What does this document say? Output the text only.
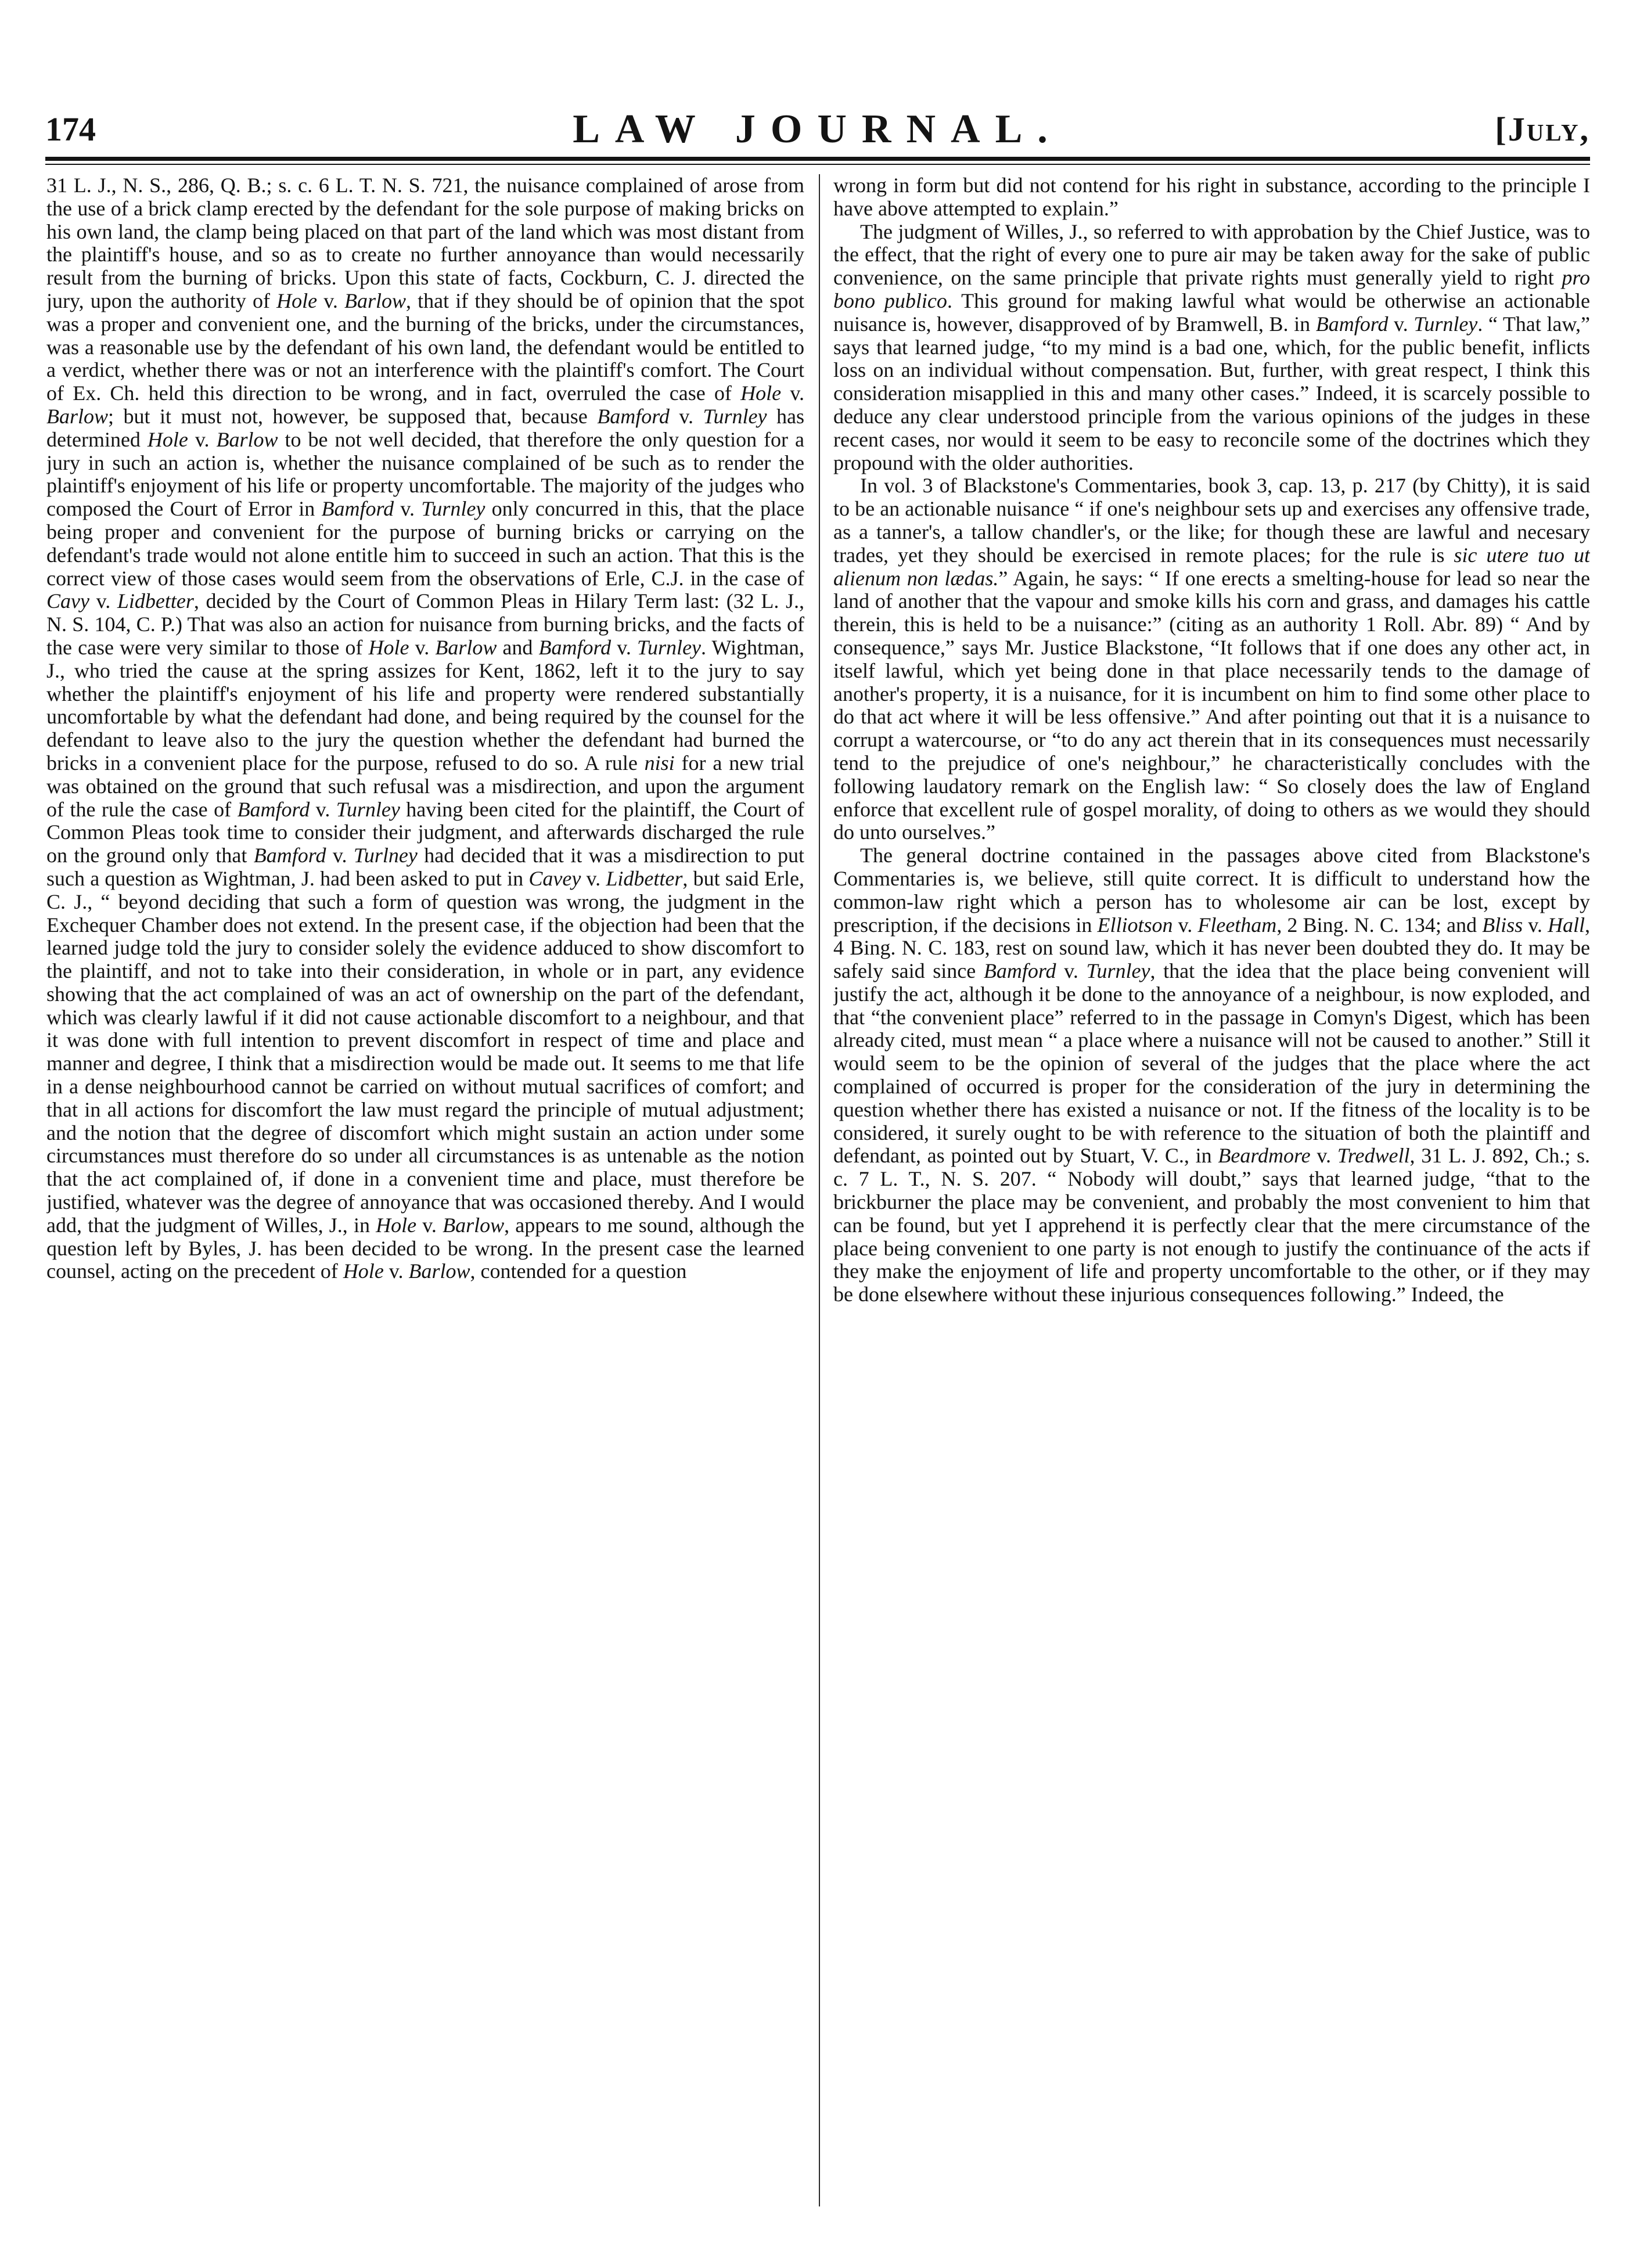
174	LAW JOURNAL.	[July,

31 L. J., N. S., 286, Q. B.; s. c. 6 L. T. N. S. 721, the nuisance complained of arose from the use of a brick clamp erected by the defendant for the sole purpose of making bricks on his own land, the clamp being placed on that part of the land which was most distant from the plaintiff's house, and so as to create no further annoyance than would necessarily result from the burning of bricks. Upon this state of facts, Cockburn, C. J. directed the jury, upon the authority of Hole v. Barlow, that if they should be of opinion that the spot was a proper and convenient one, and the burning of the bricks, under the circumstances, was a reasonable use by the defendant of his own land, the defendant would be entitled to a verdict, whether there was or not an interference with the plaintiff's comfort. The Court of Ex. Ch. held this direction to be wrong, and in fact, overruled the case of Hole v. Barlow; but it must not, however, be supposed that, because Bamford v. Turnley has determined Hole v. Barlow to be not well decided, that therefore the only question for a jury in such an action is, whether the nuisance complained of be such as to render the plaintiff's enjoyment of his life or property uncomfortable. The majority of the judges who composed the Court of Error in Bamford v. Turnley only concurred in this, that the place being proper and convenient for the purpose of burning bricks or carrying on the defendant's trade would not alone entitle him to succeed in such an action. That this is the correct view of those cases would seem from the observations of Erle, C.J. in the case of Cavy v. Lidbetter, decided by the Court of Common Pleas in Hilary Term last: (32 L. J., N. S. 104, C. P.) That was also an action for nuisance from burning bricks, and the facts of the case were very similar to those of Hole v. Barlow and Bamford v. Turnley. Wightman, J., who tried the cause at the spring assizes for Kent, 1862, left it to the jury to say whether the plaintiff's enjoyment of his life and property were rendered substantially uncomfortable by what the defendant had done, and being required by the counsel for the defendant to leave also to the jury the question whether the defendant had burned the bricks in a convenient place for the purpose, refused to do so. A rule nisi for a new trial was obtained on the ground that such refusal was a misdirection, and upon the argument of the rule the case of Bamford v. Turnley having been cited for the plaintiff, the Court of Common Pleas took time to consider their judgment, and afterwards discharged the rule on the ground only that Bamford v. Turlney had decided that it was a misdirection to put such a question as Wightman, J. had been asked to put in Cavey v. Lidbetter, but said Erle, C. J., “ beyond deciding that such a form of question was wrong, the judgment in the Exchequer Chamber does not extend. In the present case, if the objection had been that the learned judge told the jury to consider solely the evidence adduced to show discomfort to the plaintiff, and not to take into their consideration, in whole or in part, any evidence showing that the act complained of was an act of ownership on the part of the defendant, which was clearly lawful if it did not cause actionable discomfort to a neighbour, and that it was done with full intention to prevent discomfort in respect of time and place and manner and degree, I think that a misdirection would be made out. It seems to me that life in a dense neighbourhood cannot be carried on without mutual sacrifices of comfort; and that in all actions for discomfort the law must regard the principle of mutual adjustment; and the notion that the degree of discomfort which might sustain an action under some circumstances must therefore do so under all circumstances is as untenable as the notion that the act complained of, if done in a convenient time and place, must therefore be justified, whatever was the degree of annoyance that was occasioned thereby. And I would add, that the judgment of Willes, J., in Hole v. Barlow, appears to me sound, although the question left by Byles, J. has been decided to be wrong. In the present case the learned counsel, acting on the precedent of Hole v. Barlow, contended for a question

wrong in form but did not contend for his right in substance, according to the principle I have above attempted to explain.”

The judgment of Willes, J., so referred to with approbation by the Chief Justice, was to the effect, that the right of every one to pure air may be taken away for the sake of public convenience, on the same principle that private rights must generally yield to right pro bono publico. This ground for making lawful what would be otherwise an actionable nuisance is, however, disapproved of by Bramwell, B. in Bamford v. Turnley. “ That law,” says that learned judge, “to my mind is a bad one, which, for the public benefit, inflicts loss on an individual without compensation. But, further, with great respect, I think this consideration misapplied in this and many other cases.” Indeed, it is scarcely possible to deduce any clear understood principle from the various opinions of the judges in these recent cases, nor would it seem to be easy to reconcile some of the doctrines which they propound with the older authorities.

In vol. 3 of Blackstone's Commentaries, book 3, cap. 13, p. 217 (by Chitty), it is said to be an actionable nuisance “ if one's neighbour sets up and exercises any offensive trade, as a tanner's, a tallow chandler's, or the like; for though these are lawful and necesary trades, yet they should be exercised in remote places; for the rule is sic utere tuo ut alienum non lædas.” Again, he says: “ If one erects a smelting-house for lead so near the land of another that the vapour and smoke kills his corn and grass, and damages his cattle therein, this is held to be a nuisance:” (citing as an authority 1 Roll. Abr. 89) “ And by consequence,” says Mr. Justice Blackstone, “It follows that if one does any other act, in itself lawful, which yet being done in that place necessarily tends to the damage of another's property, it is a nuisance, for it is incumbent on him to find some other place to do that act where it will be less offensive.” And after pointing out that it is a nuisance to corrupt a watercourse, or “to do any act therein that in its consequences must necessarily tend to the prejudice of one's neighbour,” he characteristically concludes with the following laudatory remark on the English law: “ So closely does the law of England enforce that excellent rule of gospel morality, of doing to others as we would they should do unto ourselves.”

The general doctrine contained in the passages above cited from Blackstone's Commentaries is, we believe, still quite correct. It is difficult to understand how the common-law right which a person has to wholesome air can be lost, except by prescription, if the decisions in Elliotson v. Fleetham, 2 Bing. N. C. 134; and Bliss v. Hall, 4 Bing. N. C. 183, rest on sound law, which it has never been doubted they do. It may be safely said since Bamford v. Turnley, that the idea that the place being convenient will justify the act, although it be done to the annoyance of a neighbour, is now exploded, and that “the convenient place” referred to in the passage in Comyn's Digest, which has been already cited, must mean “ a place where a nuisance will not be caused to another.” Still it would seem to be the opinion of several of the judges that the place where the act complained of occurred is proper for the consideration of the jury in determining the question whether there has existed a nuisance or not. If the fitness of the locality is to be considered, it surely ought to be with reference to the situation of both the plaintiff and defendant, as pointed out by Stuart, V. C., in Beardmore v. Tredwell, 31 L. J. 892, Ch.; s. c. 7 L. T., N. S. 207. “ Nobody will doubt,” says that learned judge, “that to the brickburner the place may be convenient, and probably the most convenient to him that can be found, but yet I apprehend it is perfectly clear that the mere circumstance of the place being convenient to one party is not enough to justify the continuance of the acts if they make the enjoyment of life and property uncomfortable to the other, or if they may be done elsewhere without these injurious consequences following.” Indeed, the
